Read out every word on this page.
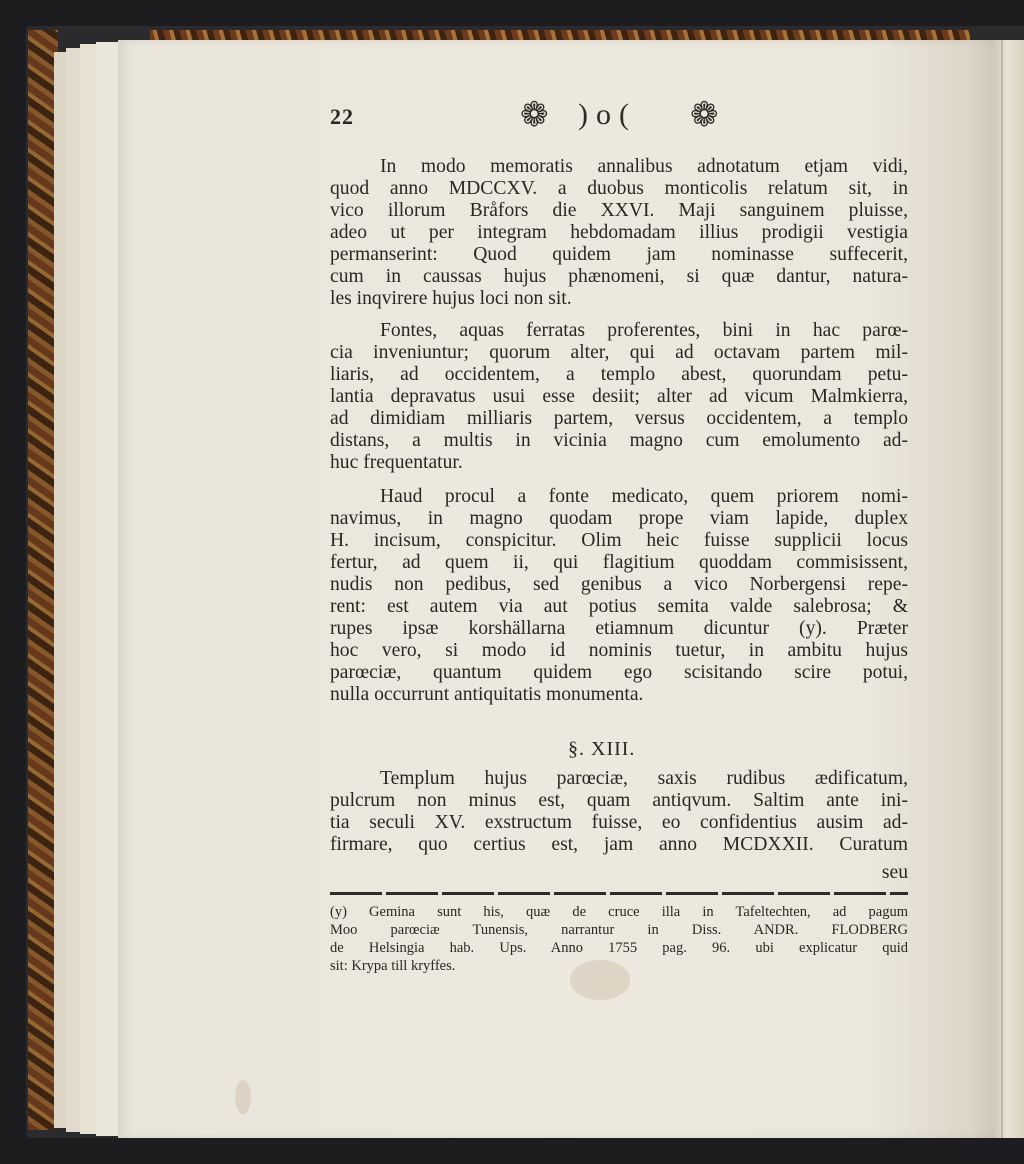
22	❁ )o( ❁
In modo memoratis annalibus adnotatum etjam vidi,
quod anno MDCCXV. a duobus monticolis relatum sit, in
vico illorum Bråfors die XXVI. Maji sanguinem pluisse,
adeo ut per integram hebdomadam illius prodigii vestigia
permanserint: Quod quidem jam nominasse suffecerit,
cum in caussas hujus phænomeni, si quæ dantur, natura-
les inqvirere hujus loci non sit.
Fontes, aquas ferratas proferentes, bini in hac parœ-
cia inveniuntur; quorum alter, qui ad octavam partem mil-
liaris, ad occidentem, a templo abest, quorundam petu-
lantia depravatus usui esse desiit; alter ad vicum Malmkierra,
ad dimidiam milliaris partem, versus occidentem, a templo
distans, a multis in vicinia magno cum emolumento ad-
huc frequentatur.
Haud procul a fonte medicato, quem priorem nomi-
navimus, in magno quodam prope viam lapide, duplex
H. incisum, conspicitur. Olim heic fuisse supplicii locus
fertur, ad quem ii, qui flagitium quoddam commisissent,
nudis non pedibus, sed genibus a vico Norbergensi repe-
rent: est autem via aut potius semita valde salebrosa; &
rupes ipsæ korshällarna etiamnum dicuntur (y). Præter
hoc vero, si modo id nominis tuetur, in ambitu hujus
parœciæ, quantum quidem ego scisitando scire potui,
nulla occurrunt antiquitatis monumenta.
§. XIII.
Templum hujus parœciæ, saxis rudibus ædificatum,
pulcrum non minus est, quam antiqvum. Saltim ante ini-
tia seculi XV. exstructum fuisse, eo confidentius ausim ad-
firmare, quo certius est, jam anno MCDXXII. Curatum
seu
(y) Gemina sunt his, quæ de cruce illa in Tafeltechten, ad pagum
Moo parœciæ Tunensis, narrantur in Diss. ANDR. FLODBERG
de Helsingia hab. Ups. Anno 1755 pag. 96. ubi explicatur quid
sit: Krypa till kryffes.
